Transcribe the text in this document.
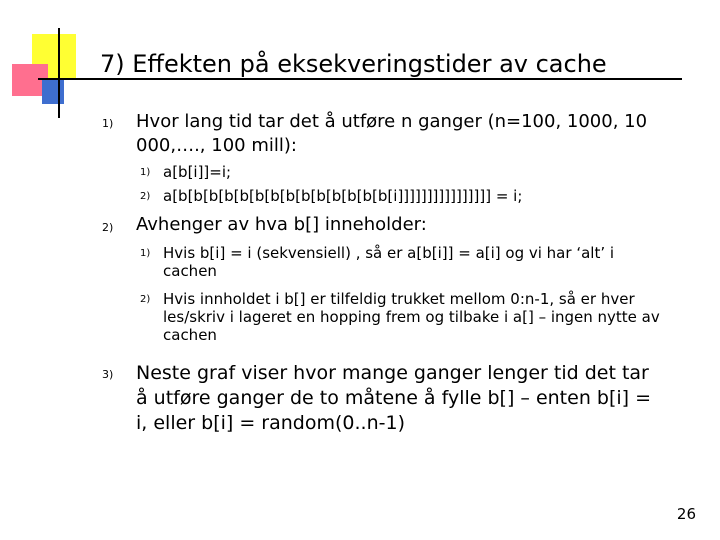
7) Effekten på eksekveringstider av cache
1) Hvor lang tid tar det å utføre n ganger (n=100, 1000, 10 000,…., 100 mill):
1) a[b[i]]=i;
2) a[b[b[b[b[b[b[b[b[b[b[b[b[b[b[i]]]]]]]]]]]]]]]] = i;
2) Avhenger av hva b[] inneholder:
1) Hvis b[i] = i (sekvensiell) , så er a[b[i]] = a[i] og vi har ‘alt’ i cachen
2) Hvis innholdet i b[] er tilfeldig trukket mellom 0:n-1, så er hver les/skriv i lageret en hopping frem og tilbake i a[] – ingen nytte av cachen
3) Neste graf viser hvor mange ganger lenger tid det tar å utføre ganger de to måtene å fylle b[] – enten b[i] = i, eller b[i] = random(0..n-1)
26
